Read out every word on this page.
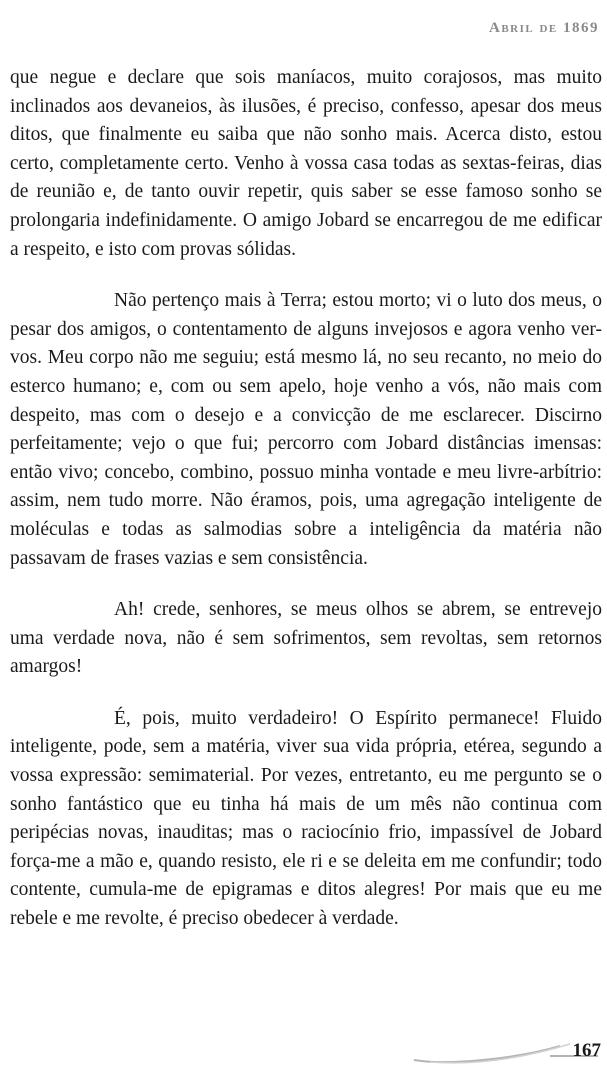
Abril de 1869

que negue e declare que sois maníacos, muito corajosos, mas muito inclinados aos devaneios, às ilusões, é preciso, confesso, apesar dos meus ditos, que finalmente eu saiba que não sonho mais. Acerca disto, estou certo, completamente certo. Venho à vossa casa todas as sextas-feiras, dias de reunião e, de tanto ouvir repetir, quis saber se esse famoso sonho se prolongaria indefinidamente. O amigo Jobard se encarregou de me edificar a respeito, e isto com provas sólidas.

Não pertenço mais à Terra; estou morto; vi o luto dos meus, o pesar dos amigos, o contentamento de alguns invejosos e agora venho ver-vos. Meu corpo não me seguiu; está mesmo lá, no seu recanto, no meio do esterco humano; e, com ou sem apelo, hoje venho a vós, não mais com despeito, mas com o desejo e a convicção de me esclarecer. Discirno perfeitamente; vejo o que fui; percorro com Jobard distâncias imensas: então vivo; concebo, combino, possuo minha vontade e meu livre-arbítrio: assim, nem tudo morre. Não éramos, pois, uma agregação inteligente de moléculas e todas as salmodias sobre a inteligência da matéria não passavam de frases vazias e sem consistência.

Ah! crede, senhores, se meus olhos se abrem, se entrevejo uma verdade nova, não é sem sofrimentos, sem revoltas, sem retornos amargos!

É, pois, muito verdadeiro! O Espírito permanece! Fluido inteligente, pode, sem a matéria, viver sua vida própria, etérea, segundo a vossa expressão: semimaterial. Por vezes, entretanto, eu me pergunto se o sonho fantástico que eu tinha há mais de um mês não continua com peripécias novas, inauditas; mas o raciocínio frio, impassível de Jobard força-me a mão e, quando resisto, ele ri e se deleita em me confundir; todo contente, cumula-me de epigramas e ditos alegres! Por mais que eu me rebele e me revolte, é preciso obedecer à verdade.

167
